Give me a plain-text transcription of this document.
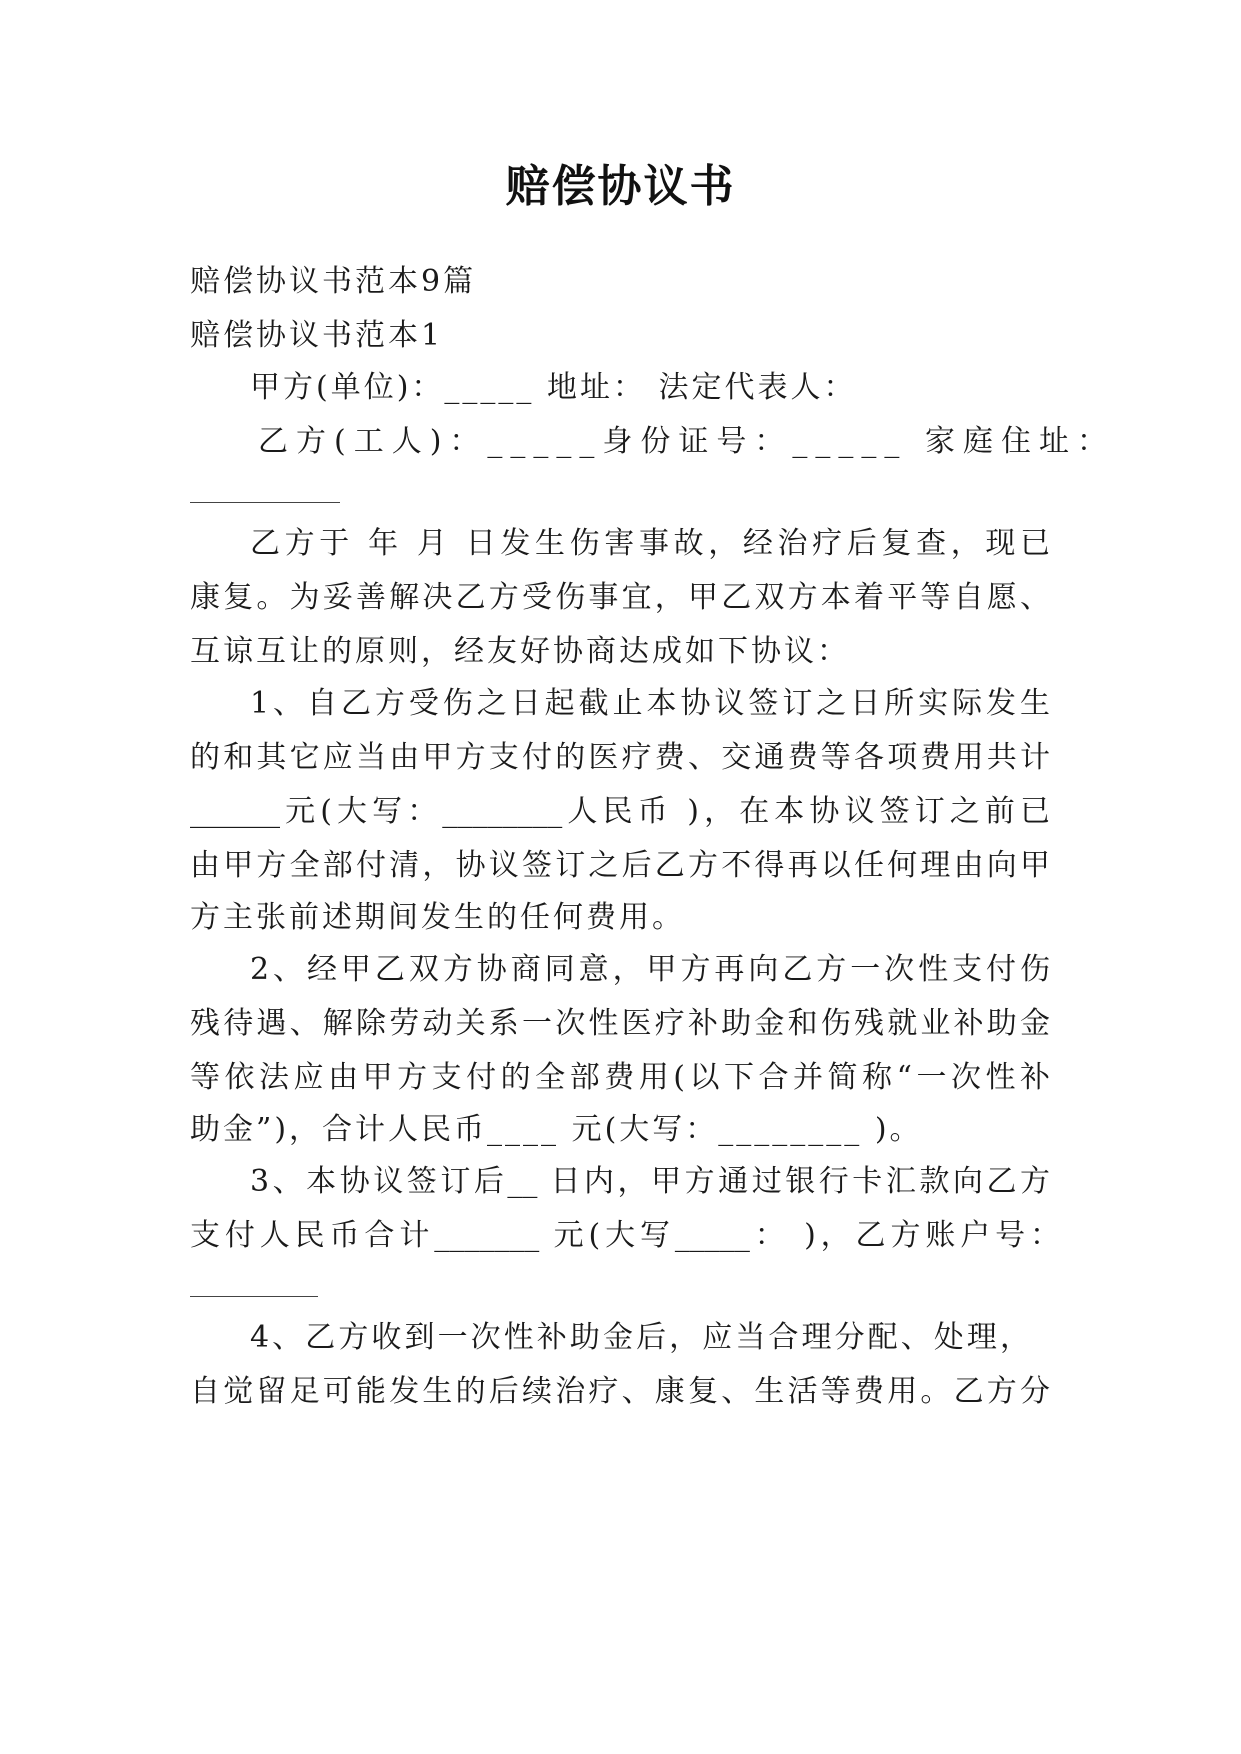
赔偿协议书
赔偿协议书范本9篇
赔偿协议书范本1
甲方(单位)：_____ 地址： 法定代表人：
乙方(工人)：_____身份证号：_____ 家庭住址：
乙方于 年 月 日发生伤害事故，经治疗后复查，现已
康复。为妥善解决乙方受伤事宜，甲乙双方本着平等自愿、
互谅互让的原则，经友好协商达成如下协议：
1、自乙方受伤之日起截止本协议签订之日所实际发生
的和其它应当由甲方支付的医疗费、交通费等各项费用共计
______元(大写：________人民币 )，在本协议签订之前已
由甲方全部付清，协议签订之后乙方不得再以任何理由向甲
方主张前述期间发生的任何费用。
2、经甲乙双方协商同意，甲方再向乙方一次性支付伤
残待遇、解除劳动关系一次性医疗补助金和伤残就业补助金
等依法应由甲方支付的全部费用(以下合并简称“一次性补
助金”)，合计人民币____ 元(大写：________ )。
3、本协议签订后__ 日内，甲方通过银行卡汇款向乙方
支付人民币合计_______ 元(大写_____： )，乙方账户号：
4、乙方收到一次性补助金后，应当合理分配、处理，
自觉留足可能发生的后续治疗、康复、生活等费用。乙方分
